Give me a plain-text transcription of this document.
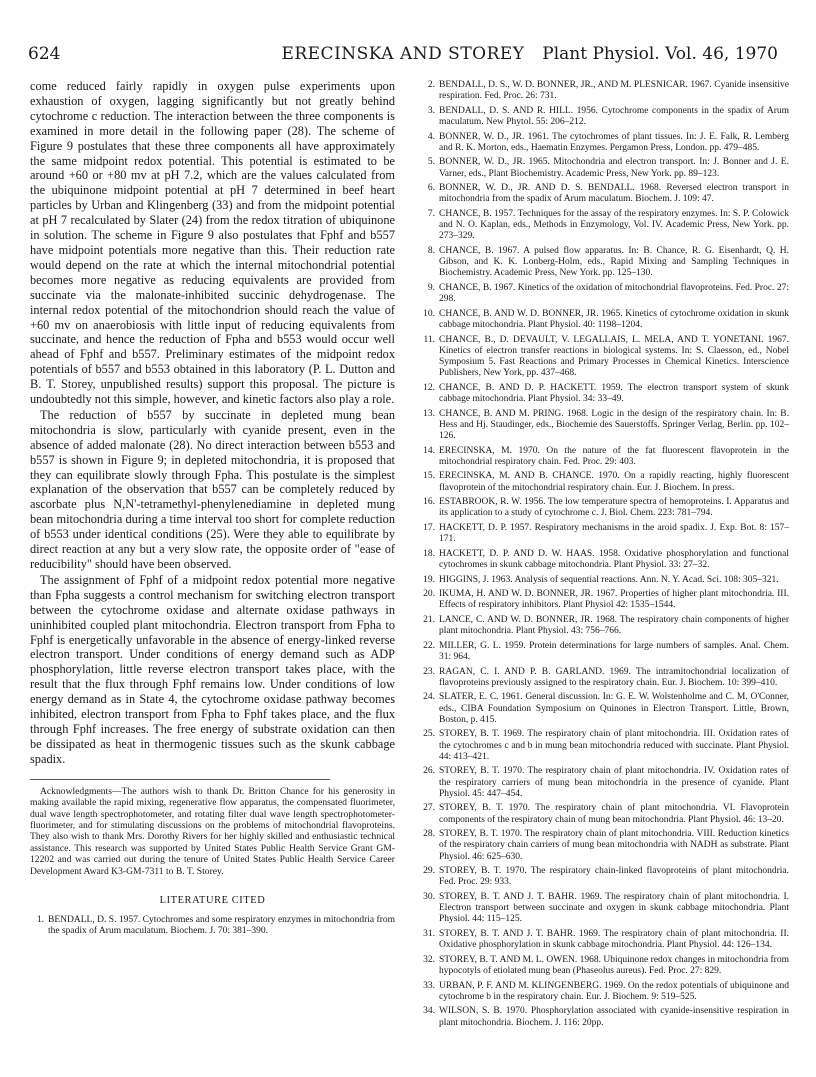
624	ERECINSKA AND STOREY	Plant Physiol. Vol. 46, 1970

come reduced fairly rapidly in oxygen pulse experiments upon exhaustion of oxygen, lagging significantly but not greatly behind cytochrome c reduction. The interaction between the three components is examined in more detail in the following paper (28). The scheme of Figure 9 postulates that these three components all have approximately the same midpoint redox potential. This potential is estimated to be around +60 or +80 mv at pH 7.2, which are the values calculated from the ubiquinone midpoint potential at pH 7 determined in beef heart particles by Urban and Klingenberg (33) and from the midpoint potential at pH 7 recalculated by Slater (24) from the redox titration of ubiquinone in solution. The scheme in Figure 9 also postulates that Fphf and b557 have midpoint potentials more negative than this. Their reduction rate would depend on the rate at which the internal mitochondrial potential becomes more negative as reducing equivalents are provided from succinate via the malonate-inhibited succinic dehydrogenase. The internal redox potential of the mitochondrion should reach the value of +60 mv on anaerobiosis with little input of reducing equivalents from succinate, and hence the reduction of Fpha and b553 would occur well ahead of Fphf and b557. Preliminary estimates of the midpoint redox potentials of b557 and b553 obtained in this laboratory (P. L. Dutton and B. T. Storey, unpublished results) support this proposal. The picture is undoubtedly not this simple, however, and kinetic factors also play a role.

The reduction of b557 by succinate in depleted mung bean mitochondria is slow, particularly with cyanide present, even in the absence of added malonate (28). No direct interaction between b553 and b557 is shown in Figure 9; in depleted mitochondria, it is proposed that they can equilibrate slowly through Fpha. This postulate is the simplest explanation of the observation that b557 can be completely reduced by ascorbate plus N,N'-tetramethyl-phenylenediamine in depleted mung bean mitochondria during a time interval too short for complete reduction of b553 under identical conditions (25). Were they able to equilibrate by direct reaction at any but a very slow rate, the opposite order of "ease of reducibility" should have been observed.

The assignment of Fphf of a midpoint redox potential more negative than Fpha suggests a control mechanism for switching electron transport between the cytochrome oxidase and alternate oxidase pathways in uninhibited coupled plant mitochondria. Electron transport from Fpha to Fphf is energetically unfavorable in the absence of energy-linked reverse electron transport. Under conditions of energy demand such as ADP phosphorylation, little reverse electron transport takes place, with the result that the flux through Fphf remains low. Under conditions of low energy demand as in State 4, the cytochrome oxidase pathway becomes inhibited, electron transport from Fpha to Fphf takes place, and the flux through Fphf increases. The free energy of substrate oxidation can then be dissipated as heat in thermogenic tissues such as the skunk cabbage spadix.

Acknowledgments—The authors wish to thank Dr. Britton Chance for his generosity in making available the rapid mixing, regenerative flow apparatus, the compensated fluorimeter, dual wave length spectrophotometer, and rotating filter dual wave length spectrophotometer-fluorimeter, and for stimulating discussions on the problems of mitochondrial flavoproteins. They also wish to thank Mrs. Dorothy Rivers for her highly skilled and enthusiastic technical assistance. This research was supported by United States Public Health Service Grant GM-12202 and was carried out during the tenure of United States Public Health Service Career Development Award K3-GM-7311 to B. T. Storey.

LITERATURE CITED
1. BENDALL, D. S. 1957. Cytochromes and some respiratory enzymes in mitochondria from the spadix of Arum maculatum. Biochem. J. 70: 381–390.
2. BENDALL, D. S., W. D. BONNER, JR., AND M. PLESNICAR. 1967. Cyanide insensitive respiration. Fed. Proc. 26: 731.
3. BENDALL, D. S. AND R. HILL. 1956. Cytochrome components in the spadix of Arum maculatum. New Phytol. 55: 206–212.
4. BONNER, W. D., JR. 1961. The cytochromes of plant tissues. In: J. E. Falk, R. Lemberg and R. K. Morton, eds., Haematin Enzymes. Pergamon Press, London. pp. 479–485.
5. BONNER, W. D., JR. 1965. Mitochondria and electron transport. In: J. Bonner and J. E. Varner, eds., Plant Biochemistry. Academic Press, New York. pp. 89–123.
6. BONNER, W. D., JR. AND D. S. BENDALL. 1968. Reversed electron transport in mitochondria from the spadix of Arum maculatum. Biochem. J. 109: 47.
7. CHANCE, B. 1957. Techniques for the assay of the respiratory enzymes. In: S. P. Colowick and N. O. Kaplan, eds., Methods in Enzymology, Vol. IV. Academic Press, New York. pp. 273–329.
8. CHANCE, B. 1967. A pulsed flow apparatus. In: B. Chance, R. G. Eisenhardt, Q. H. Gibson, and K. K. Lonberg-Holm, eds., Rapid Mixing and Sampling Techniques in Biochemistry. Academic Press, New York. pp. 125–130.
9. CHANCE, B. 1967. Kinetics of the oxidation of mitochondrial flavoproteins. Fed. Proc. 27: 298.
10. CHANCE, B. AND W. D. BONNER, JR. 1965. Kinetics of cytochrome oxidation in skunk cabbage mitochondria. Plant Physiol. 40: 1198–1204.
11. CHANCE, B., D. DEVAULT, V. LEGALLAIS, L. MELA, AND T. YONETANI. 1967. Kinetics of electron transfer reactions in biological systems. In: S. Claesson, ed., Nobel Symposium 5. Fast Reactions and Primary Processes in Chemical Kinetics. Interscience Publishers, New York, pp. 437–468.
12. CHANCE, B. AND D. P. HACKETT. 1959. The electron transport system of skunk cabbage mitochondria. Plant Physiol. 34: 33–49.
13. CHANCE, B. AND M. PRING. 1968. Logic in the design of the respiratory chain. In: B. Hess and Hj. Staudinger, eds., Biochemie des Sauerstoffs. Springer Verlag, Berlin. pp. 102–126.
14. ERECINSKA, M. 1970. On the nature of the fat fluorescent flavoprotein in the mitochondrial respiratory chain. Fed. Proc. 29: 403.
15. ERECINSKA, M. AND B. CHANCE. 1970. On a rapidly reacting, highly fluorescent flavoprotein of the mitochondrial respiratory chain. Eur. J. Biochem. In press.
16. ESTABROOK, R. W. 1956. The low temperature spectra of hemoproteins. I. Apparatus and its application to a study of cytochrome c. J. Biol. Chem. 223: 781–794.
17. HACKETT, D. P. 1957. Respiratory mechanisms in the aroid spadix. J. Exp. Bot. 8: 157–171.
18. HACKETT, D. P. AND D. W. HAAS. 1958. Oxidative phosphorylation and functional cytochromes in skunk cabbage mitochondria. Plant Physiol. 33: 27–32.
19. HIGGINS, J. 1963. Analysis of sequential reactions. Ann. N. Y. Acad. Sci. 108: 305–321.
20. IKUMA, H. AND W. D. BONNER, JR. 1967. Properties of higher plant mitochondria. III. Effects of respiratory inhibitors. Plant Physiol 42: 1535–1544.
21. LANCE, C. AND W. D. BONNER, JR. 1968. The respiratory chain components of higher plant mitochondria. Plant Physiol. 43: 756–766.
22. MILLER, G. L. 1959. Protein determinations for large numbers of samples. Anal. Chem. 31: 964.
23. RAGAN, C. I. AND P. B. GARLAND. 1969. The intramitochondrial localization of flavoproteins previously assigned to the respiratory chain. Eur. J. Biochem. 10: 399–410.
24. SLATER, E. C. 1961. General discussion. In: G. E. W. Wolstenholme and C. M. O'Conner, eds., CIBA Foundation Symposium on Quinones in Electron Transport. Little, Brown, Boston, p. 415.
25. STOREY, B. T. 1969. The respiratory chain of plant mitochondria. III. Oxidation rates of the cytochromes c and b in mung bean mitochondria reduced with succinate. Plant Physiol. 44: 413–421.
26. STOREY, B. T. 1970. The respiratory chain of plant mitochondria. IV. Oxidation rates of the respiratory carriers of mung bean mitochondria in the presence of cyanide. Plant Physiol. 45: 447–454.
27. STOREY, B. T. 1970. The respiratory chain of plant mitochondria. VI. Flavoprotein components of the respiratory chain of mung bean mitochondria. Plant Physiol. 46: 13–20.
28. STOREY, B. T. 1970. The respiratory chain of plant mitochondria. VIII. Reduction kinetics of the respiratory chain carriers of mung bean mitochondria with NADH as substrate. Plant Physiol. 46: 625–630.
29. STOREY, B. T. 1970. The respiratory chain-linked flavoproteins of plant mitochondria. Fed. Proc. 29: 933.
30. STOREY, B. T. AND J. T. BAHR. 1969. The respiratory chain of plant mitochondria. I. Electron transport between succinate and oxygen in skunk cabbage mitochondria. Plant Physiol. 44: 115–125.
31. STOREY, B. T. AND J. T. BAHR. 1969. The respiratory chain of plant mitochondria. II. Oxidative phosphorylation in skunk cabbage mitochondria. Plant Physiol. 44: 126–134.
32. STOREY, B. T. AND M. L. OWEN. 1968. Ubiquinone redox changes in mitochondria from hypocotyls of etiolated mung bean (Phaseolus aureus). Fed. Proc. 27: 829.
33. URBAN, P. F. AND M. KLINGENBERG. 1969. On the redox potentials of ubiquinone and cytochrome b in the respiratory chain. Eur. J. Biochem. 9: 519–525.
34. WILSON, S. B. 1970. Phosphorylation associated with cyanide-insensitive respiration in plant mitochondria. Biochem. J. 116: 20pp.
